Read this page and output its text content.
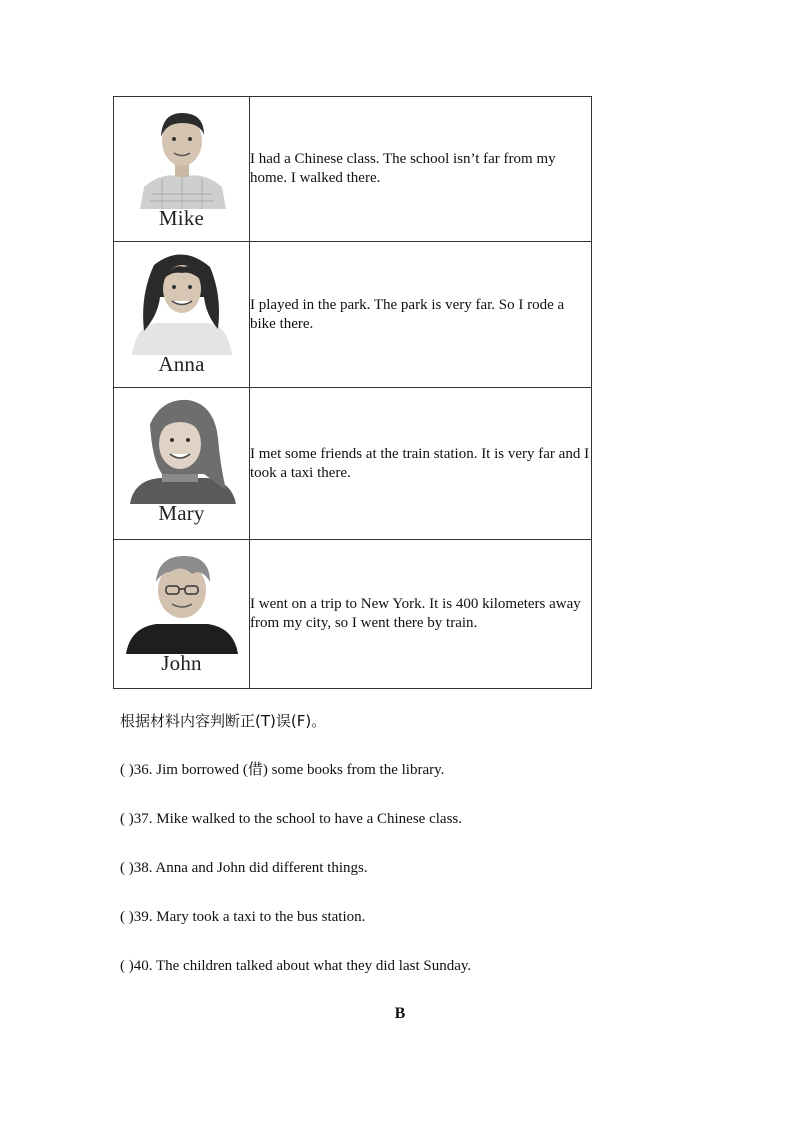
Mike	I had a Chinese class. The school isn’t far from my home. I walked there.

Anna	I played in the park. The park is very far. So I rode a bike there.

Mary	I met some friends at the train station. It is very far and I took a taxi there.

John	I went on a trip to New York. It is 400 kilometers away from my city, so I went there by train.
根据材料内容判断正(T)误(F)。
( )36. Jim borrowed (借) some books from the library.
( )37. Mike walked to the school to have a Chinese class.
( )38. Anna and John did different things.
( )39. Mary took a taxi to the bus station.
( )40. The children talked about what they did last Sunday.
B
